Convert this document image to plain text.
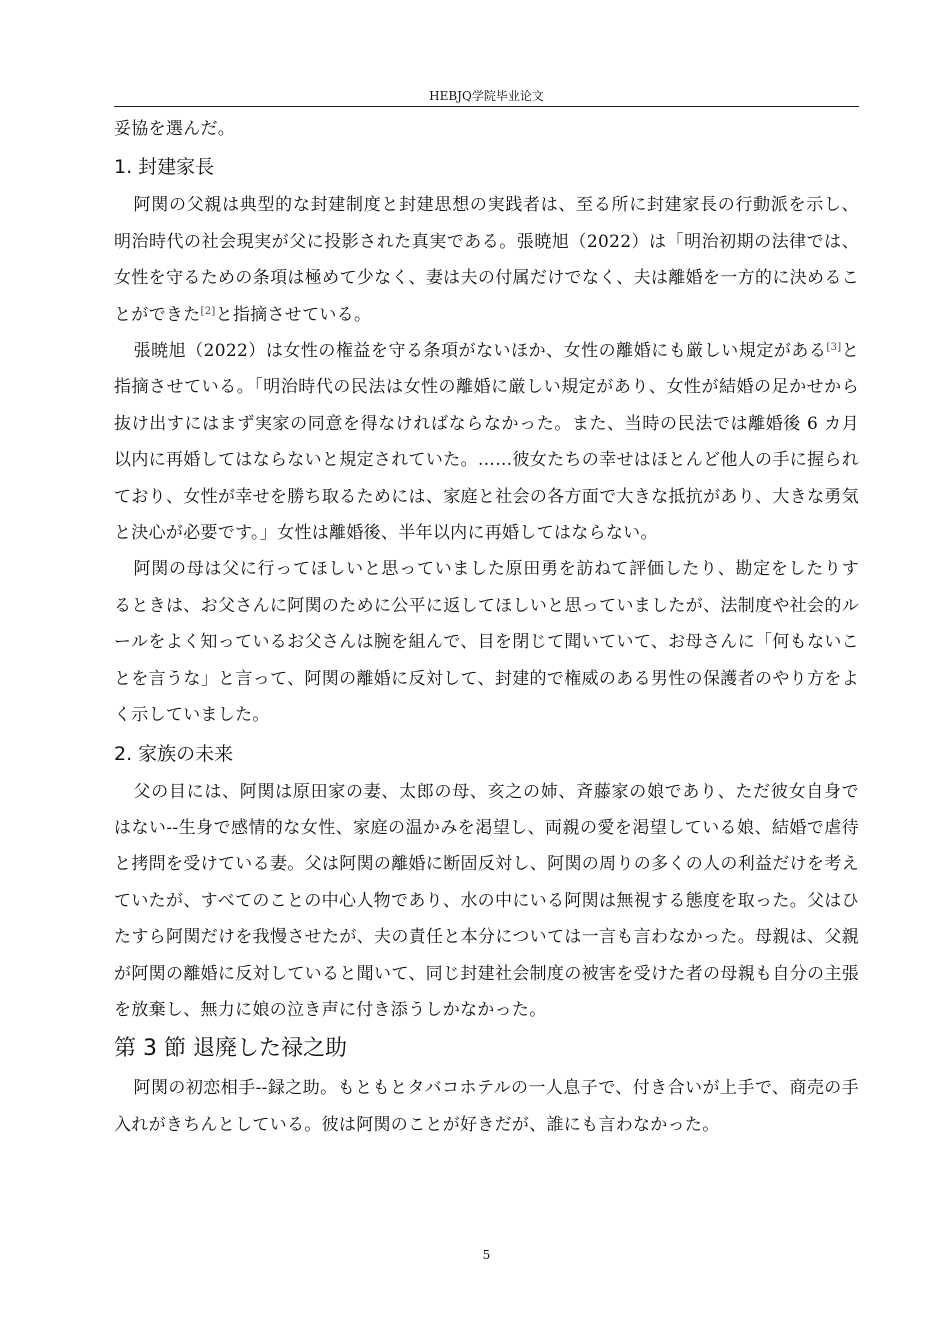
HEBJQ学院毕业论文

妥協を選んだ。

1. 封建家長

阿関の父親は典型的な封建制度と封建思想の実践者は、至る所に封建家長の行動派を示し、明治時代の社会現実が父に投影された真実である。張暁旭（2022）は「明治初期の法律では、女性を守るための条項は極めて少なく、妻は夫の付属だけでなく、夫は離婚を一方的に決めることができた[2]と指摘させている。

張暁旭（2022）は女性の権益を守る条項がないほか、女性の離婚にも厳しい規定がある[3]と指摘させている。「明治時代の民法は女性の離婚に厳しい規定があり、女性が結婚の足かせから抜け出すにはまず実家の同意を得なければならなかった。また、当時の民法では離婚後 6 カ月以内に再婚してはならないと規定されていた。……彼女たちの幸せはほとんど他人の手に握られており、女性が幸せを勝ち取るためには、家庭と社会の各方面で大きな抵抗があり、大きな勇気と決心が必要です。」女性は離婚後、半年以内に再婚してはならない。

阿関の母は父に行ってほしいと思っていました原田勇を訪ねて評価したり、勘定をしたりするときは、お父さんに阿関のために公平に返してほしいと思っていましたが、法制度や社会的ルールをよく知っているお父さんは腕を組んで、目を閉じて聞いていて、お母さんに「何もないことを言うな」と言って、阿関の離婚に反対して、封建的で権威のある男性の保護者のやり方をよく示していました。

2. 家族の未来

父の目には、阿関は原田家の妻、太郎の母、亥之の姉、斉藤家の娘であり、ただ彼女自身ではない--生身で感情的な女性、家庭の温かみを渇望し、両親の愛を渇望している娘、結婚で虐待と拷問を受けている妻。父は阿関の離婚に断固反対し、阿関の周りの多くの人の利益だけを考えていたが、すべてのことの中心人物であり、水の中にいる阿関は無視する態度を取った。父はひたすら阿関だけを我慢させたが、夫の責任と本分については一言も言わなかった。母親は、父親が阿関の離婚に反対していると聞いて、同じ封建社会制度の被害を受けた者の母親も自分の主張を放棄し、無力に娘の泣き声に付き添うしかなかった。

第 3 節 退廃した禄之助

阿関の初恋相手--録之助。もともとタバコホテルの一人息子で、付き合いが上手で、商売の手入れがきちんとしている。彼は阿関のことが好きだが、誰にも言わなかった。

5
